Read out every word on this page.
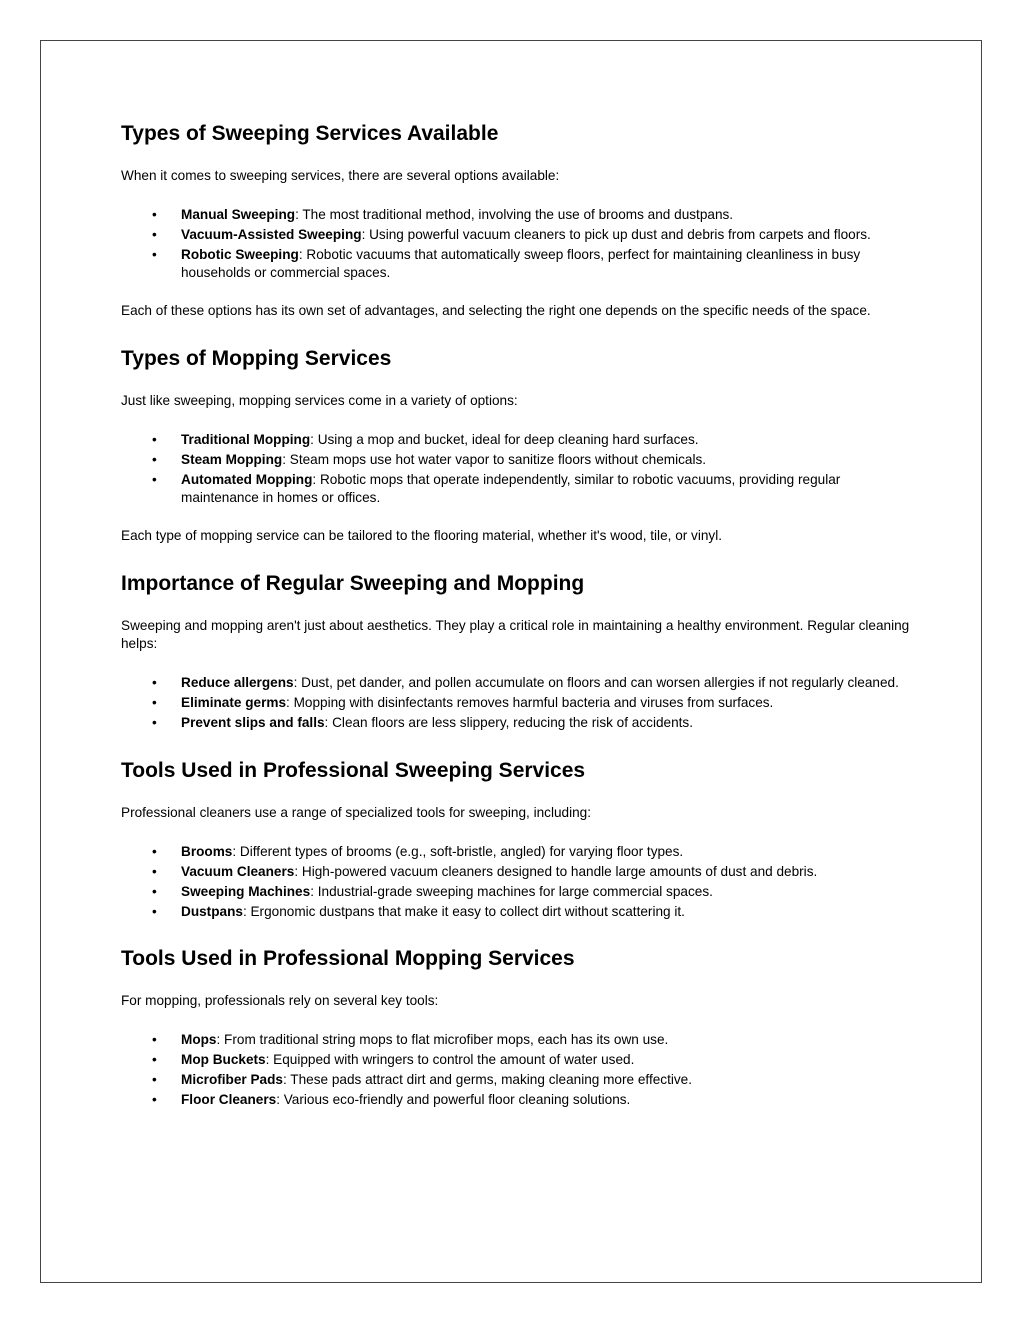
Types of Sweeping Services Available

When it comes to sweeping services, there are several options available:

• Manual Sweeping: The most traditional method, involving the use of brooms and dustpans.
• Vacuum-Assisted Sweeping: Using powerful vacuum cleaners to pick up dust and debris from carpets and floors.
• Robotic Sweeping: Robotic vacuums that automatically sweep floors, perfect for maintaining cleanliness in busy households or commercial spaces.

Each of these options has its own set of advantages, and selecting the right one depends on the specific needs of the space.

Types of Mopping Services

Just like sweeping, mopping services come in a variety of options:

• Traditional Mopping: Using a mop and bucket, ideal for deep cleaning hard surfaces.
• Steam Mopping: Steam mops use hot water vapor to sanitize floors without chemicals.
• Automated Mopping: Robotic mops that operate independently, similar to robotic vacuums, providing regular maintenance in homes or offices.

Each type of mopping service can be tailored to the flooring material, whether it's wood, tile, or vinyl.

Importance of Regular Sweeping and Mopping

Sweeping and mopping aren't just about aesthetics. They play a critical role in maintaining a healthy environment. Regular cleaning helps:

• Reduce allergens: Dust, pet dander, and pollen accumulate on floors and can worsen allergies if not regularly cleaned.
• Eliminate germs: Mopping with disinfectants removes harmful bacteria and viruses from surfaces.
• Prevent slips and falls: Clean floors are less slippery, reducing the risk of accidents.
Tools Used in Professional Sweeping Services

Professional cleaners use a range of specialized tools for sweeping, including:

• Brooms: Different types of brooms (e.g., soft-bristle, angled) for varying floor types.
• Vacuum Cleaners: High-powered vacuum cleaners designed to handle large amounts of dust and debris.
• Sweeping Machines: Industrial-grade sweeping machines for large commercial spaces.
• Dustpans: Ergonomic dustpans that make it easy to collect dirt without scattering it.
Tools Used in Professional Mopping Services

For mopping, professionals rely on several key tools:

• Mops: From traditional string mops to flat microfiber mops, each has its own use.
• Mop Buckets: Equipped with wringers to control the amount of water used.
• Microfiber Pads: These pads attract dirt and germs, making cleaning more effective.
• Floor Cleaners: Various eco-friendly and powerful floor cleaning solutions.
